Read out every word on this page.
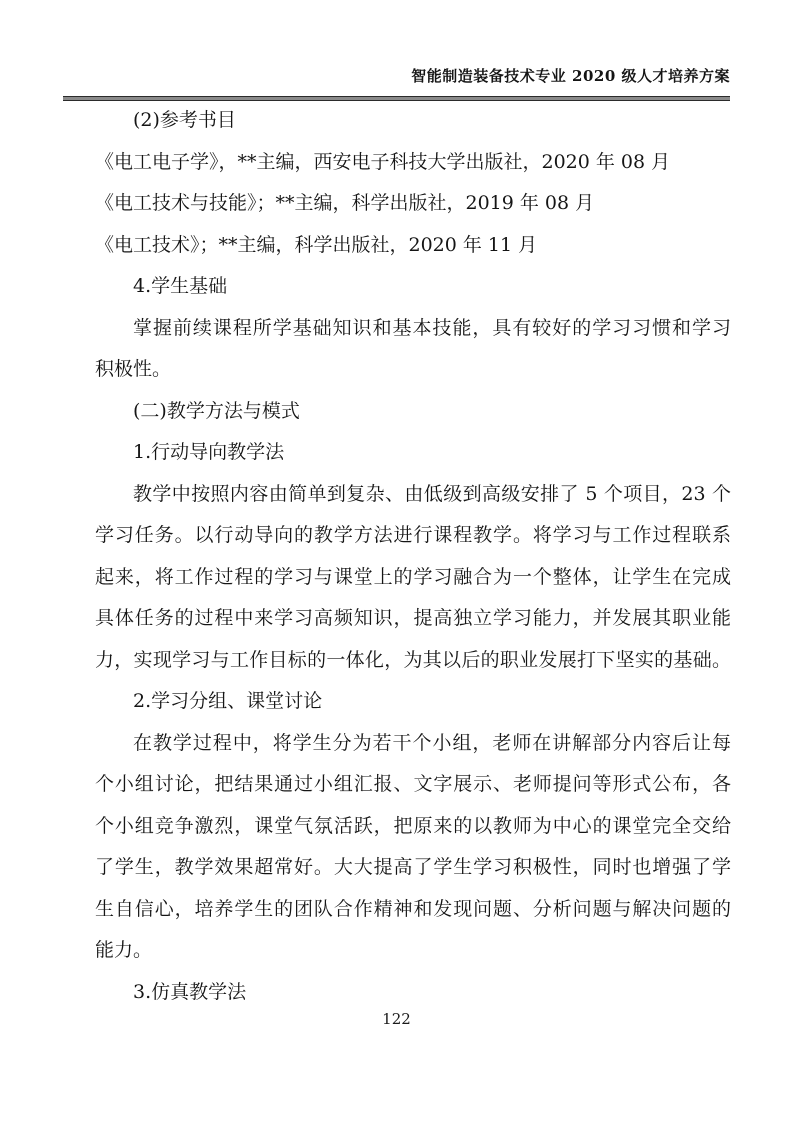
智能制造装备技术专业 2020 级人才培养方案
(2)参考书目
《电工电子学》，**主编，西安电子科技大学出版社，2020 年 08 月
《电工技术与技能》；**主编，科学出版社，2019 年 08 月
《电工技术》；**主编，科学出版社，2020 年 11 月
4.学生基础
掌握前续课程所学基础知识和基本技能，具有较好的学习习惯和学习
积极性。
(二)教学方法与模式
1.行动导向教学法
教学中按照内容由简单到复杂、由低级到高级安排了 5 个项目，23 个
学习任务。以行动导向的教学方法进行课程教学。将学习与工作过程联系
起来，将工作过程的学习与课堂上的学习融合为一个整体，让学生在完成
具体任务的过程中来学习高频知识，提高独立学习能力，并发展其职业能
力，实现学习与工作目标的一体化，为其以后的职业发展打下坚实的基础。
2.学习分组、课堂讨论
在教学过程中，将学生分为若干个小组，老师在讲解部分内容后让每
个小组讨论，把结果通过小组汇报、文字展示、老师提问等形式公布，各
个小组竞争激烈，课堂气氛活跃，把原来的以教师为中心的课堂完全交给
了学生，教学效果超常好。大大提高了学生学习积极性，同时也增强了学
生自信心，培养学生的团队合作精神和发现问题、分析问题与解决问题的
能力。
3.仿真教学法
122
